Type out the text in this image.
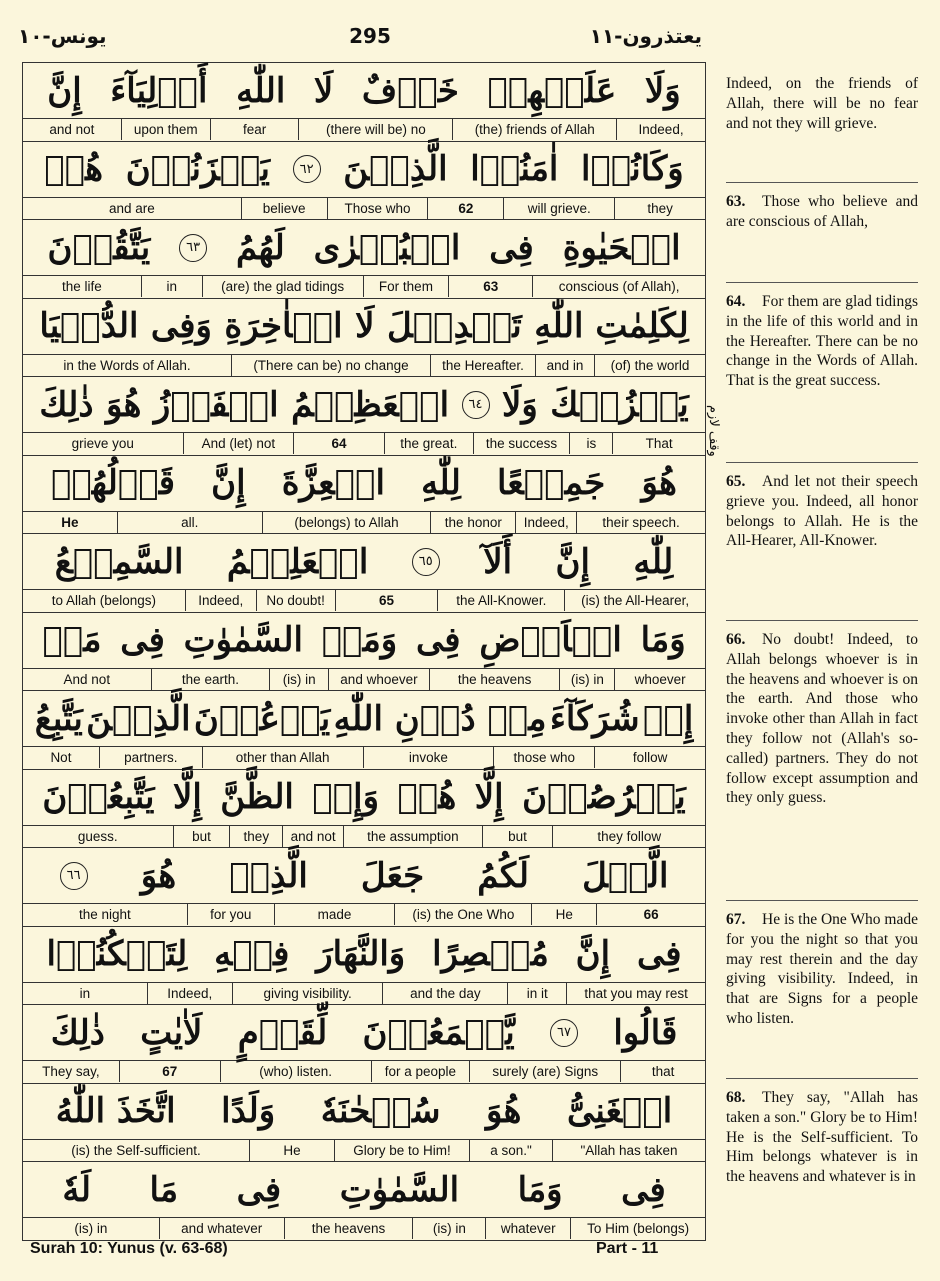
يونس-١٠	295	يعتذرون-١١
إِنَّ أَوۡلِيَآءَ اللّٰهِ لَا خَوۡفٌ عَلَيۡهِمۡ وَلَا
and not	upon them	fear	(there will be) no	(the) friends of Allah	Indeed,
هُمۡ يَحۡزَنُوۡنَ	٦٢ الَّذِيۡنَ اٰمَنُوۡا وَكَانُوۡا
and are	believe	Those who	62	will grieve.	they
يَتَّقُوۡنَ	٦٣ لَهُمُ الۡبُشۡرٰى فِى الۡحَيٰوةِ
the life	in	(are) the glad tidings	For them	63	conscious (of Allah),
الدُّنۡيَا وَفِى الۡاٰخِرَةِ لَا تَبۡدِيۡلَ لِكَلِمٰتِ اللّٰهِ
in the Words of Allah.	(There can be) no change	the Hereafter.	and in	(of) the world
ذٰلِكَ هُوَ الۡفَوۡزُ الۡعَظِيۡمُ	٦٤ وَلَا يَحۡزُنۡكَ
grieve you	And (let) not	64	the great.	the success	is	That
قَوۡلُهُمۡ إِنَّ الۡعِزَّةَ لِلّٰهِ جَمِيۡعًا هُوَ
He	all.	(belongs) to Allah	the honor	Indeed,	their speech.
السَّمِيۡعُ الۡعَلِيۡمُ	٦٥ أَلَآ إِنَّ لِلّٰهِ
to Allah (belongs)	Indeed,	No doubt!	65	the All-Knower.	(is) the All-Hearer,
مَنۡ فِى السَّمٰوٰتِ وَمَنۡ فِى الۡاَرۡضِ وَمَا
And not	the earth.	(is) in	and whoever	the heavens	(is) in	whoever
يَتَّبِعُ الَّذِيۡنَ يَدۡعُوۡنَ مِنۡ دُوۡنِ اللّٰهِ شُرَكَآءَ إِنۡ
Not	partners.	other than Allah	invoke	those who	follow
يَتَّبِعُوۡنَ إِلَّا الظَّنَّ وَإِنۡ هُمۡ إِلَّا يَخۡرُصُوۡنَ
guess.	but	they	and not	the assumption	but	they follow
٦٦ هُوَ الَّذِىۡ جَعَلَ لَكُمُ الَّيۡلَ
the night	for you	made	(is) the One Who	He	66
لِتَسۡكُنُوۡا فِيۡهِ وَالنَّهَارَ مُبۡصِرًا إِنَّ فِى
in	Indeed,	giving visibility.	and the day	in it	that you may rest
ذٰلِكَ لَاٰيٰتٍ لِّقَوۡمٍ يَّسۡمَعُوۡنَ	٦٧ قَالُوا
They say,	67	(who) listen.	for a people	surely (are) Signs	that
اتَّخَذَ اللّٰهُ وَلَدًا سُبۡحٰنَهٗ هُوَ الۡغَنِىُّ
(is) the Self-sufficient.	He	Glory be to Him!	a son."	"Allah has taken
لَهٗ مَا فِى السَّمٰوٰتِ وَمَا فِى
(is) in	and whatever	the heavens	(is) in	whatever	To Him (belongs)
وقف لازم
Indeed, on the friends of Allah, there will be no fear and not they will grieve.
63. Those who believe and are conscious of Allah,
64. For them are glad tidings in the life of this world and in the Hereafter. There can be no change in the Words of Allah. That is the great success.
65. And let not their speech grieve you. Indeed, all honor belongs to Allah. He is the All-Hearer, All-Knower.
66. No doubt! Indeed, to Allah belongs whoever is in the heavens and whoever is on the earth. And those who invoke other than Allah in fact they follow not (Allah's so-called) partners. They do not follow except assumption and they only guess.
67. He is the One Who made for you the night so that you may rest therein and the day giving visibility. Indeed, in that are Signs for a people who listen.
68. They say, "Allah has taken a son." Glory be to Him! He is the Self-sufficient. To Him belongs whatever is in the heavens and whatever is in
Surah 10: Yunus (v. 63-68)	Part - 11
